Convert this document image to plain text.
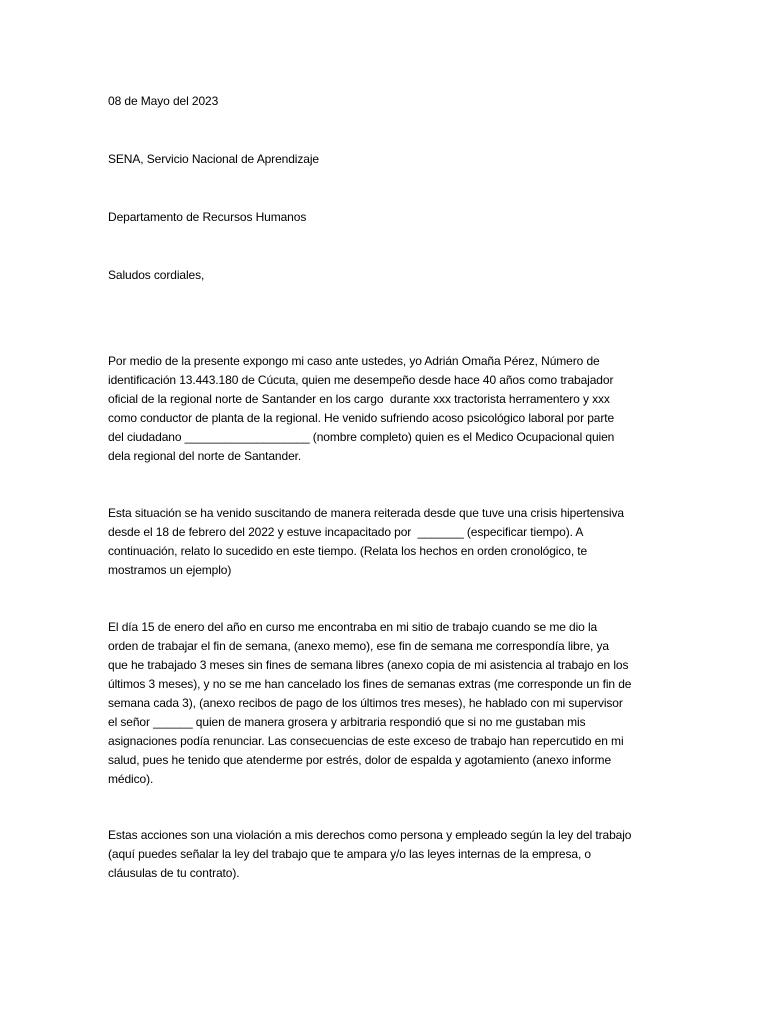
08 de Mayo del 2023

SENA, Servicio Nacional de Aprendizaje

Departamento de Recursos Humanos

Saludos cordiales,

Por medio de la presente expongo mi caso ante ustedes, yo Adrián Omaña Pérez, Número de
identificación 13.443.180 de Cúcuta, quien me desempeño desde hace 40 años como trabajador
oficial de la regional norte de Santander en los cargo  durante xxx tractorista herramentero y xxx
como conductor de planta de la regional. He venido sufriendo acoso psicológico laboral por parte
del ciudadano ___________________ (nombre completo) quien es el Medico Ocupacional quien
dela regional del norte de Santander.
Esta situación se ha venido suscitando de manera reiterada desde que tuve una crisis hipertensiva
desde el 18 de febrero del 2022 y estuve incapacitado por  _______ (especificar tiempo). A
continuación, relato lo sucedido en este tiempo. (Relata los hechos en orden cronológico, te
mostramos un ejemplo)
El día 15 de enero del año en curso me encontraba en mi sitio de trabajo cuando se me dio la
orden de trabajar el fin de semana, (anexo memo), ese fin de semana me correspondía libre, ya
que he trabajado 3 meses sin fines de semana libres (anexo copia de mi asistencia al trabajo en los
últimos 3 meses), y no se me han cancelado los fines de semanas extras (me corresponde un fin de
semana cada 3), (anexo recibos de pago de los últimos tres meses), he hablado con mi supervisor
el señor ______ quien de manera grosera y arbitraria respondió que si no me gustaban mis
asignaciones podía renunciar. Las consecuencias de este exceso de trabajo han repercutido en mi
salud, pues he tenido que atenderme por estrés, dolor de espalda y agotamiento (anexo informe
médico).
Estas acciones son una violación a mis derechos como persona y empleado según la ley del trabajo
(aquí puedes señalar la ley del trabajo que te ampara y/o las leyes internas de la empresa, o
cláusulas de tu contrato).
